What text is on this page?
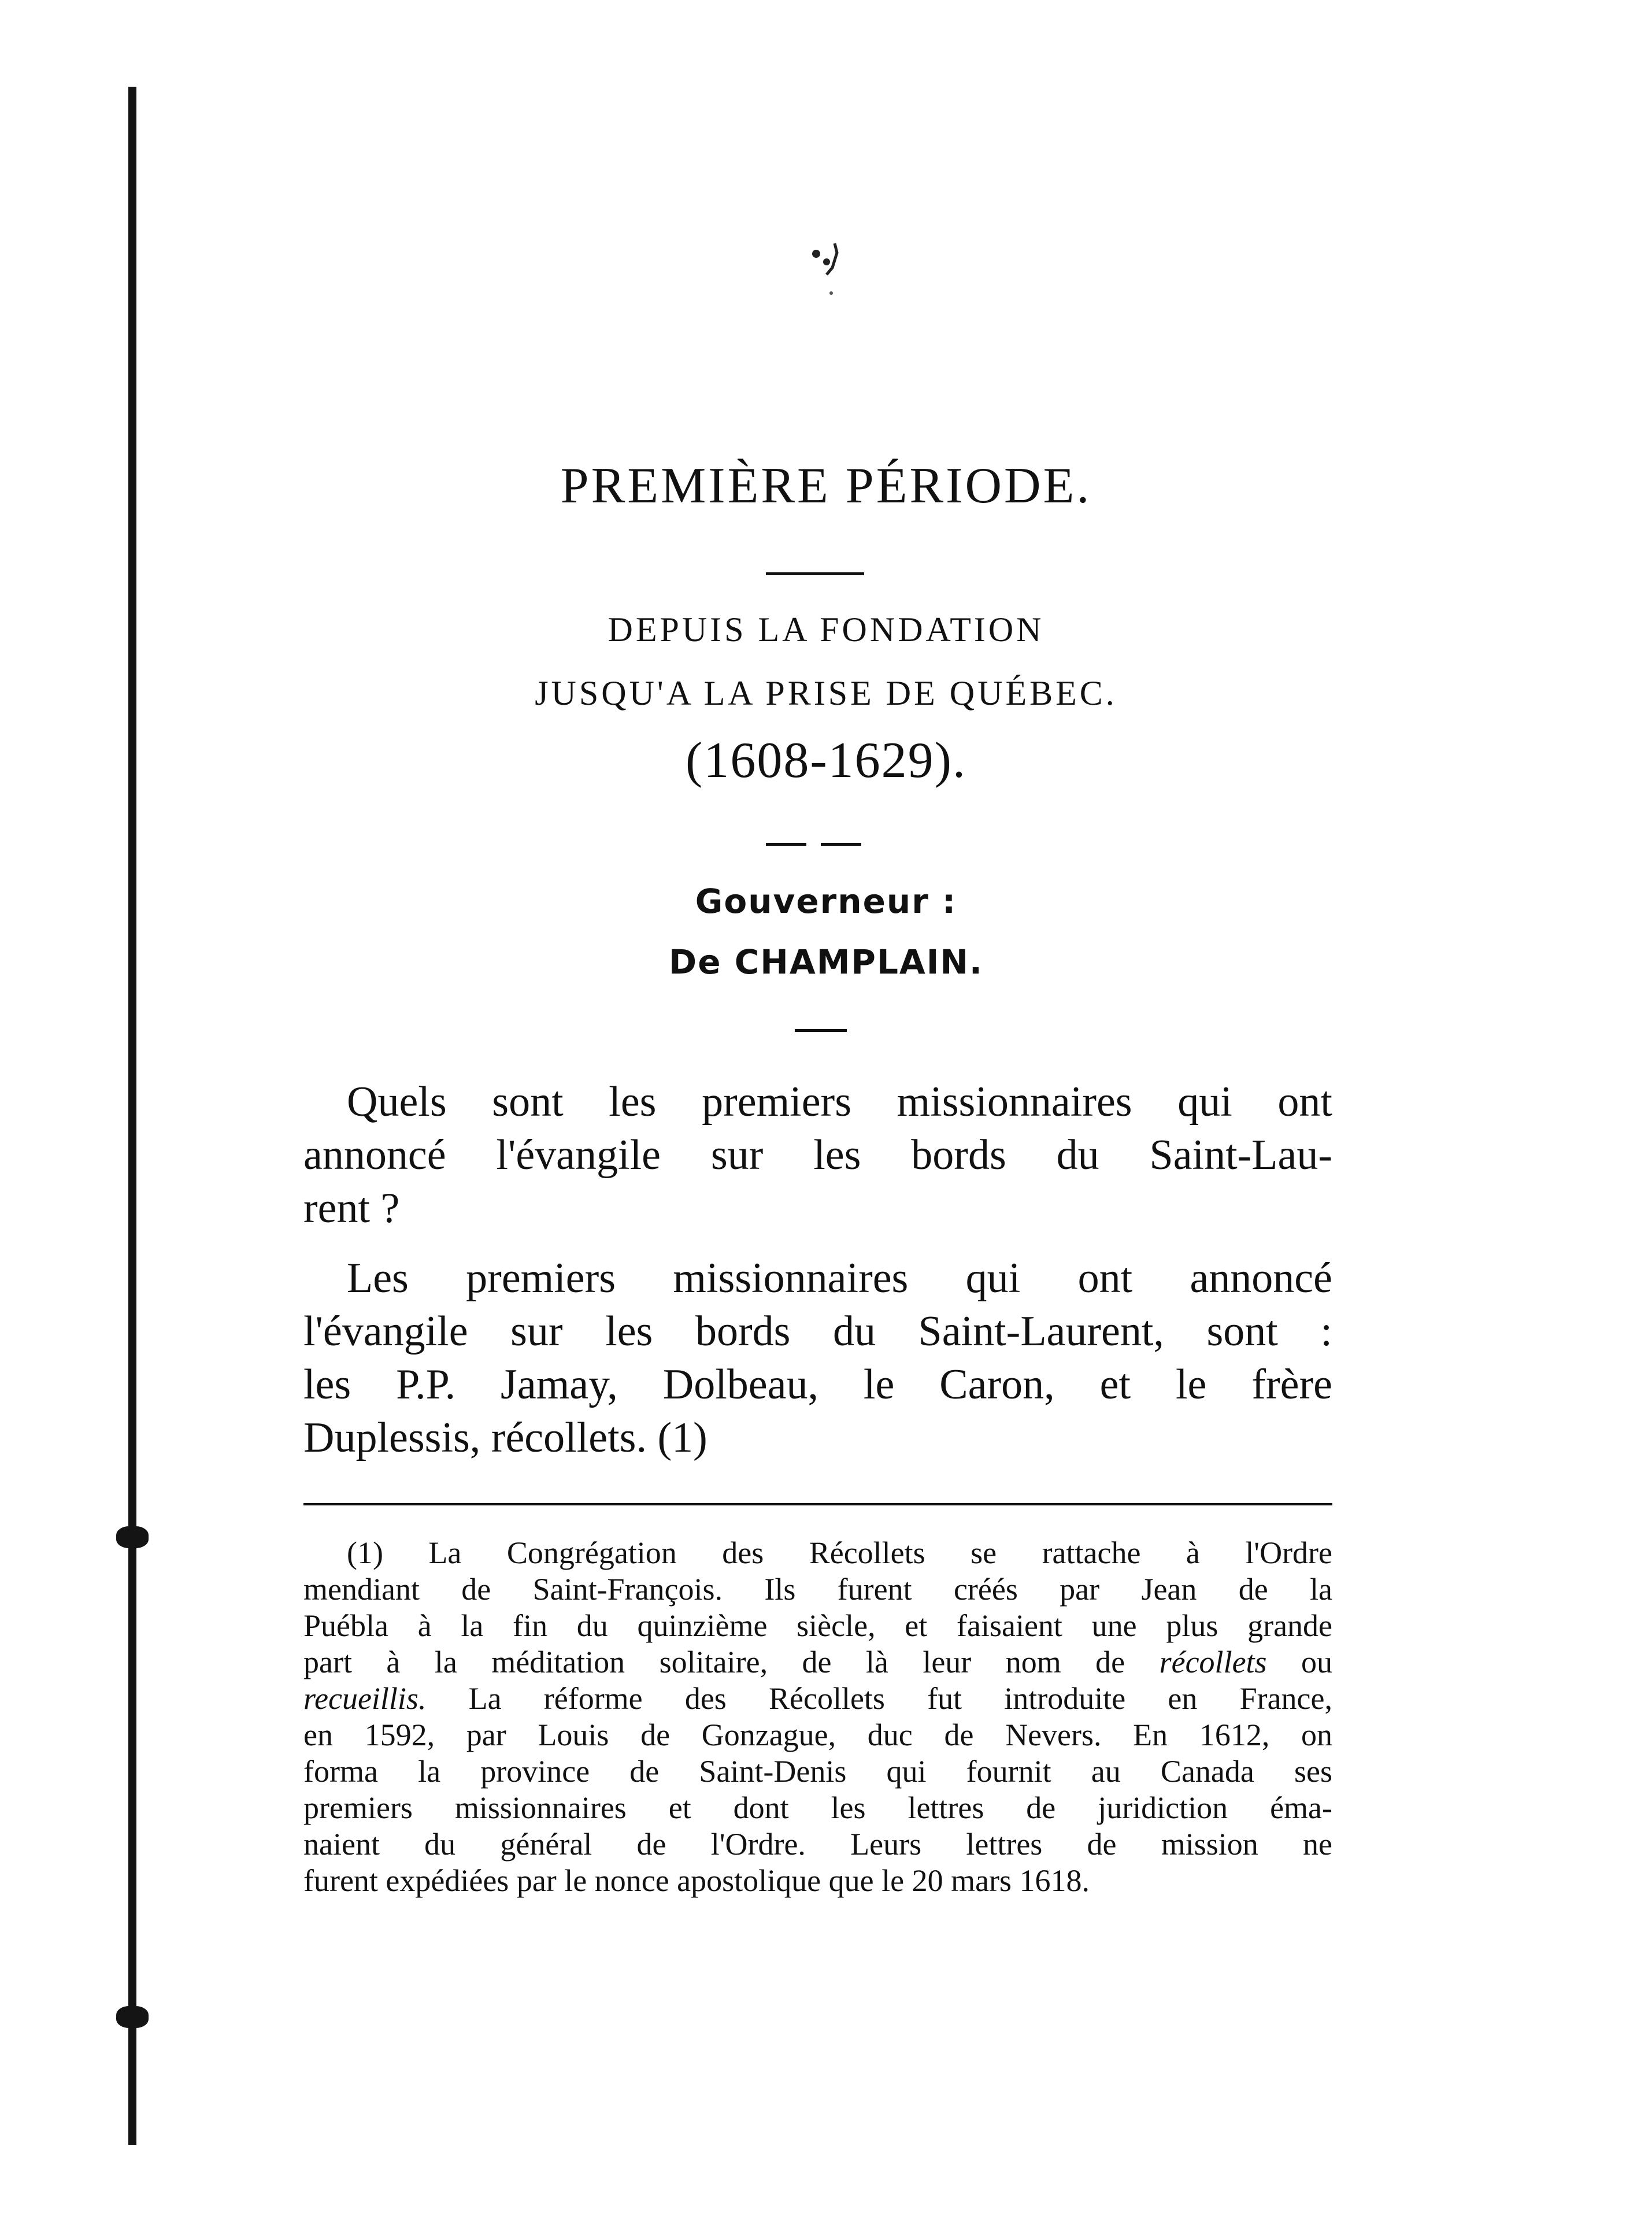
PREMIÈRE PÉRIODE.
DEPUIS LA FONDATION
JUSQU'A LA PRISE DE QUÉBEC.
(1608-1629).
Gouverneur :
De CHAMPLAIN.

Quels sont les premiers missionnaires qui ont
annoncé l'évangile sur les bords du Saint-Lau-
rent ?

Les premiers missionnaires qui ont annoncé
l'évangile sur les bords du Saint-Laurent, sont :
les P.P. Jamay, Dolbeau, le Caron, et le frère
Duplessis, récollets. (1)

(1) La Congrégation des Récollets se rattache à l'Ordre
mendiant de Saint-François. Ils furent créés par Jean de la
Puébla à la fin du quinzième siècle, et faisaient une plus grande
part à la méditation solitaire, de là leur nom de récollets ou
recueillis. La réforme des Récollets fut introduite en France,
en 1592, par Louis de Gonzague, duc de Nevers. En 1612, on
forma la province de Saint-Denis qui fournit au Canada ses
premiers missionnaires et dont les lettres de juridiction éma-
naient du général de l'Ordre. Leurs lettres de mission ne
furent expédiées par le nonce apostolique que le 20 mars 1618.
